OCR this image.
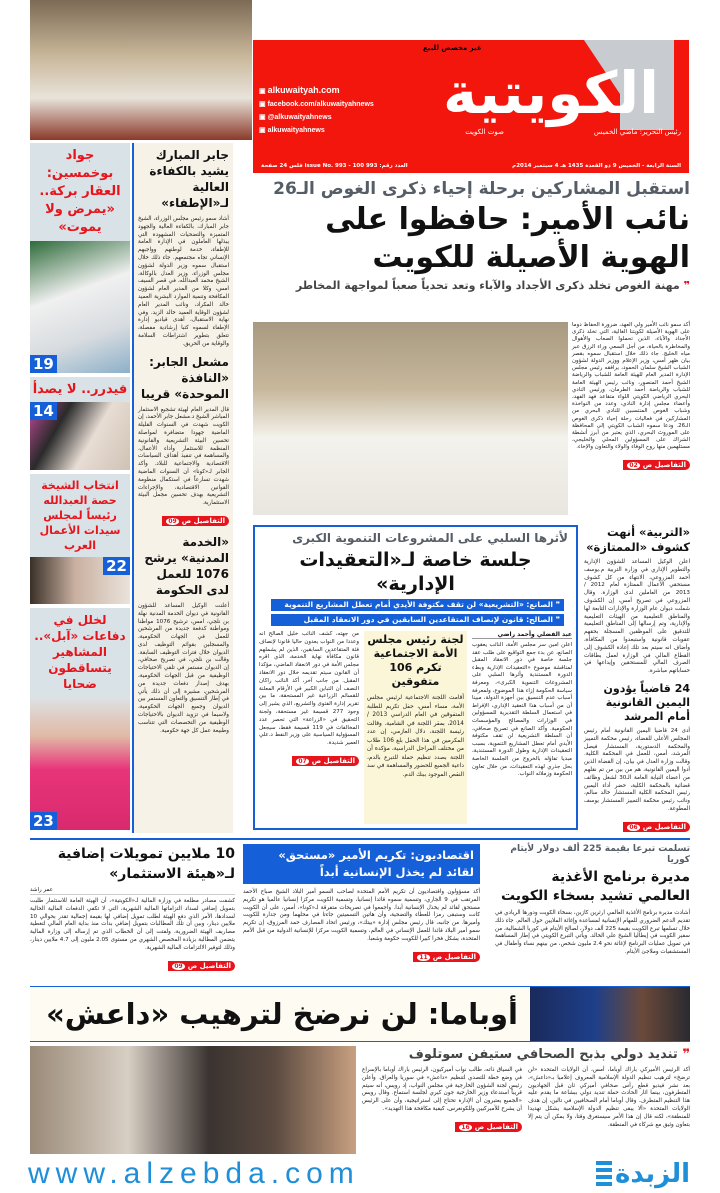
الكويتية
غير مخصص للبيع
رئيس التحرير: ماضي الخميس
صوت الكويت
▣ alkuwaityah.com
▣ facebook.com/alkuwaityahnews
▣ @alkuwaityahnews
▣ alkuwaityahnews
السنة الرابعة - الخميس 9 ذو القعدة 1435 هـ 4 سبتمبر 2014م
العدد رقم: 993 issue No. 993 - 100 فلس 24 صفحة
استقبل المشاركين برحلة إحياء ذكرى الغوص الـ26
نائب الأمير: حافظوا على الهوية الأصيلة للكويت
❞ مهنة الغوص تخلد ذكرى الأجداد والآباء وتعد تحدياً صعباً لمواجهة المخاطر
أكد سمو نائب الأمير ولي العهد، ضرورة الحفاظ دوما على الهوية الأصيلة لكويتنا الغالية، التي تخلد ذكرى الأجداد والآباء، الذين تحملوا الصعاب والأهوال والمخاطرة بالحياة، من أجل السعي وراء الرزق عبر مياه الخليج. جاء ذلك خلال استقبال سموه بقصر بيان ظهر أمس، وزير الإعلام ووزير الدولة لشؤون الشباب الشيخ سلمان الحمود، يرافقه رئيس مجلس الإدارة المدير العام للهيئة العامة للشباب والرياضة الشيخ أحمد المنصور، ونائب رئيس الهيئة العامة للشباب والرياضة أحمد الطرمان، ورئيس النادي البحري الرياضي الكويتي اللواء متقاعد فهد الفهد، وأعضاء مجلس إدارة النادي، وعدد من النواخذة وشباب الغوص المنتسبين للنادي البحري من المشاركين في فعاليات رحلة إحياء ذكرى الغوص الـ26. ودعا سموه الشباب الكويتي إلى المحافظة على الموروث البحري، الذي يعتبر من أبرز أنشطة الشراك على المسؤولين المحلي والخليجي، مستلهمين منها روح الوفاء والولاء والتعاون والإخاء.
التفاصيل ص02
جواد بوخمسين: العقار بركة.. «يمرض ولا يموت»
19
فيدرر.. لا يصدأ
14
انتخاب الشيخة حصة العبدالله رئيساً لمجلس سيدات الأعمال العرب
22
لخلل في دفاعات «آبل».. المشاهير يتساقطون ضحايا
23
جابر المبارك يشيد بالكفاءة العالية لـ«الإطفاء»
أشاد سمو رئيس مجلس الوزراء، الشيخ جابر المبارك، بالكفاءة العالية والجهود المتميزة والتضحيات المشهودة التي يبذلها العاملون في الإدارة العامة للإطفاء، خدمة لوطنهم وواجبهم الإنساني تجاه مجتمعهم. جاء ذلك خلال استقبال سموه وزير الدولة لشؤون مجلس الوزراء، وزير العدل بالوكالة، الشيخ محمد العبدالله، في قصر السيف امس، وكلا من المدير العام لشؤون المكافحة وتنمية الموارد البشرية العميد خالد المكراد، ونائب المدير العام لشؤون الوقاية العميد خالد الزيد. وفي نهاية الاستقبال، أهدى قياديو إدارة الإطفاء لسموه كتبا إرشادية مفصلة، تتعلق بتطوير اشتراطات السلامة والوقاية من الحريق.
مشعل الجابر: «النافذة الموحدة» قريبا
قال المدير العام لهيئة تشجيع الاستثمار المباشر الشيخ د.مشعل جابر الأحمد، إن الكويت شهدت في السنوات القليلة الماضية جهودا متضافرة لمواصلة تحسين البيئة التشريعية والقانونية المنظمة للاستثمار وأداء الأعمال، والمساهمة في تنفيذ أهداف السياسات الاقتصادية والاجتماعية للبلاد. وأكد الجابر لـ«كونا» أن السنوات الماضية شهدت تسارعاً في استكمال منظومة القوانين الاقتصادية، والإجراءات التشريعية بهدف تحسين مجمل البيئة الاستثمارية.
التفاصيل ص09
«الخدمة المدنية» يرشح 1076 للعمل لدى الحكومة
أعلنت الوكيل المساعد للشؤون القانونية في ديوان الخدمة المدنية نهلة بن نلجي، امس، ترشيح 1076 مواطنا ومواطنة كدفعة جديدة من المرشحين للعمل في الجهات الحكومية، والمسجلين بقوائم التوظيف لدى الديوان خلال فترات التوظيف السابقة. وقالت بن نلجي، في تصريح صحافي، إن الديوان مستمر في تلقي الاحتياجات الوظيفية من قبل الجهات الحكومية، بهدف إصدار دفعات جديدة من المرشحين، مشيرة إلى أن ذلك يأتي في إطار التنسيق والتعاون المستمر بين الديوان وجميع الجهات الحكومية، ولاسيما في تزويد الديوان بالاحتياجات الوظيفية من التخصصات التي تتناسب وطبيعة عمل كل جهة حكومية.
لأثرها السلبي على المشروعات التنموية الكبرى
جلسة خاصة لـ«التعقيدات الإدارية»
❞ الصانع: «التشريعية» لن تقف مكتوفة الأيدي أمام تعطل المشاريع التنموية
❞ الصالح: قانون لإنصاف المتقاعدين السابقين في دور الانعقاد المقبل
عبد الفضلي وأحمد راضي
اعلن امين سر مجلس الأمة، النائب يعقوب الصانع، عن بدء جمع التواقيع على طلب عقد جلسة خاصة في دور الانعقاد المقبل لمناقشة موضوع «التعقيدات الإدارية وبطء الدورة المستندية وأثرها السلبي على المشروعات التنموية الكبرى»، ومعرفة سياسة الحكومة إزاء هذا الموضوع، ولمعرفة أسباب عدم التنسيق بين أجهزة الدولة، مبينا أن من أسباب هذا التعقيد الإداري، الإفراط في استعمال السلطة التقديرية للمسؤولين في الوزارات والمصالح والمؤسسات الحكومية. وأكد الصانع في تصريح صحافي، أن السلطة التشريعية لن تقف مكتوفة الأيدي أمام تعطل المشاريع التنموية، بسبب التعقيدات الإدارية وطول الدورة المستندية، مبديا تفاؤله بالخروج من الجلسة الخاصة بحل جذري لهذه التعقيدات، من خلال تعاون الحكومة وزملائه النواب.
لجنة رئيس مجلس الأمة الاجتماعية تكرم 106 متفوقين
أقامت اللجنة الاجتماعية لرئيس مجلس الأمة، مساء أمس، حفل تكريم للطلبة المتفوقين في العام الدراسي 2013 / 2014، بمقر اللجنة في الشامية. وقالت رئيسة اللجنة، دلال العازمي، إن عدد المكرمين في هذا الحفل بلغ 106 طلاب من مختلف المراحل الدراسية، مؤكدة أن اللجنة بصدد تنظيم حملة للتبرع بالدم، داعية الجميع للحضور والمساهمة في سد النقص الموجود ببنك الدم.
من جهته، كشف النائب خليل الصالح انه وعددا من النواب يعدون حاليا قانونا لإنصاف فئة المتقاعدين السابقين، الذين لم يشملهم قانون مكافأة نهاية الخدمة، الذي اقره مجلس الأمة في دور الانعقاد الماضي، مؤكدا أن القانون سيتم تقديمه خلال دور الانعقاد المقبل. من جانب آخر، أكد النائب راكان النصف أن التباين الكبير في الأرقام المعلنة للقسائم الزراعية غير المستحقة، ما بين تقرير إدارة الفتوى والتشريع، الذي يشير إلى وجود 277 قسيمة غير مستحقة، ولجنة التحقيق في «الزراعة» التي تحصر عدد المخالفات في 119 قسيمة فقط، سيجعل المسؤولية السياسية على وزير النفط د.علي العمير شديدة.
التفاصيل ص07
«التربية» أنهت كشوف «الممتازة»
اعلن الوكيل المساعد للشؤون الإدارية والتطوير الإداري في وزارة التربية م.يوسف أحمد المزروعي، الانتهاء من كل كشوف مستحقي الأعمال الممتازة لعام 2012 / 2013 من العاملين لدى الوزارة. وقال المزروعي في تصريح أمس، إن الكشوف شملت ديوان عام الوزارة والإدارات التابعة لها والمناطق التعليمية من الهيئات التعليمية والإدارية، وتم إرسالها إلى المناطق التعليمية للتدقيق على الموظفين المسجلة بحقهم عقوبات قانونية واستبعدوا من المكافأة، وأضاف انه سيتم بعد تلك إعادة الكشوف إلى القطاع المالي في الوزارة لعمل بطاقات الصرف المالي للمستحقين وإيداعها في حساباتهم مباشرة.
24 قاضياً يؤدون اليمين القانونية أمام المرشد
أدى 24 قاضيا اليمين القانونية أمام رئيس المجلس الأعلى للقضاء، رئيس محكمة التمييز والمحكمة الدستورية، المستشار فيصل المرشد، أمس، للعمل في المحكمة الكلية. وقالت وزارة العدل في بيان، إن القضاة الذين أدوا اليمين القانونية، هم من بين من تم نقلهم من أعضاء النيابة العامة الـ30 لشغل وظائف قضائية بالمحكمة الكلية، حضر أداء اليمين رئيس المحكمة الكلية المستشار خالد سالم، ونائب رئيس محكمة التمييز المستشار يوسف المطوعة.
التفاصيل ص06
تسلمت تبرعا بقيمة 225 ألف دولار لأيتام كوريا
مديرة برنامج الأغذية العالمي تشيد بسخاء الكويت
أشادت مديرة برنامج الأغذية العالمي ارثرين كازين، بسخاء الكويت ودورها الريادي في تقديم الدعم الضروري للمهام الإنسانية لمساعدة وإغاثة الملايين حول العالم. جاء ذلك خلال تسلمها تبرع الكويت بقيمة 225 ألف دولار، لصالح الأيتام في كوريا الشمالية، من سفير الكويت في إيطاليا الشيخ علي الخالد. ويأتي التبرع الكويتي في إطار المساهمة في تمويل عمليات البرنامج لإغاثة نحو 2.4 مليون شخص، من بينهم نساء وأطفال في المستشفيات وملاجئ الأيتام.
اقتصاديون: تكريم الأمير «مستحق» لقائد لم يخذل الإنسانية أبداً
أكد مسؤولون واقتصاديون أن تكريم الأمم المتحدة لصاحب السمو أمير البلاد الشيخ صباح الأحمد المرتقب في 9 الجاري، وتسمية سموه قائدا إنسانيا، وتسمية الكويت مركزا إنسانيا عالميا هو تكريم مستحق لقائد لم يخذل الإنسانية أبدا. وأجمعوا في تصريحات متفرقة لـ«كونا»، أمس، على أن الكويت كانت وستبقى رمزا للعطاء والتضحية، وأن هاتين التسميتين جاءتا في محلهما ومن جدارة للكويت وأميرها. من جانبه، قال رئيس مجلس إدارة «بيتك»، ورئيس اتحاد المصارف حمد المرزوق، إن تكريم سمو أمير البلاد قائدا للعمل الإنساني في العالم، وتسمية الكويت مركزا للإنسانية الدولية من قبل الأمم المتحدة، يشكل فخرا كبيرا للكويت حكومة وشعبا.
التفاصيل ص11
10 ملايين تمويلات إضافية لـ«هيئة الاستثمار»
عمر راشد
كشفت مصادر مطلعة في وزارة المالية لـ«الكويتية»، أن الهيئة العامة للاستثمار طلبت بتمويل إضافي لسداد التزاماتها المالية الشهرية، التي لا تكفي الدفعات المالية الحالية لسدادها، الأمر الذي دفع الهيئة لطلب تمويل إضافي لها بقيمة إجمالية تقدر بحوالي 10 ملايين دينار، وبين أن تلك المطالبات بتمويل إضافي بدأت منذ بداية العام المالي لتغطية مصاريف الهيئة الضرورية، ولفتت إلى أن الخطاب الذي تم إرساله إلى وزارة المالية يتضمن المطالبة بزيادة المخصص الشهري من مستوى 2.05 مليون إلى 4.7 ملايين دينار، وذلك لتوفير الالتزامات المالية الشهرية.
التفاصيل ص09
أوباما: لن نرضخ لترهيب «داعش»
❞ تنديد دولي بذبح الصحافي ستيفن سوتلوف
أكد الرئيس الأميركي باراك أوباما، أمس، أن الولايات المتحدة «لن ترضخ» لترهيب تنظيم الدولة الإسلامية المعروف إعلاميا بـ«داعش»، بعد نشر فيديو قطع رأس صحافي أميركي ثان قبل الجهاديون المتطرفون، بينما اثار الحادث حملة تنديد دولي ببشاعة ما يقدم عليه هذا التنظيم المتطرف. وقال أوباما أمام الصحافيين في تالين، إن هدف الولايات المتحدة «ألا يبقى تنظيم الدولة الإسلامية يشكل تهديدا للمنطقة»، لكنه قال إن هذا الأمر سيستغرق وقتا، ولا يمكن أن يتم إلا بتعاون وثيق مع شركاء في المنطقة.
في السياق ذاته، طالب نواب أميركيون، الرئيس باراك أوباما بالإسراع في وضع خطة للتصدي لتنظيم «داعش» في سوريا والعراق. وأعلن رئيس لجنة الشؤون الخارجية في مجلس النواب، إد رويس، أنه سيتم قريباً استدعاء وزير الخارجية جون كيري لجلسة استماع. وقال رويس «الجميع يعتبرون أن الإدارة تحتاج إلى استراتيجية، وأن على الرئيس أن يشرح للأميركيين وللكونغرس، كيفية مكافحة هذا التهديد».
التفاصيل ص16
www.alzebda.com	الزبدة
